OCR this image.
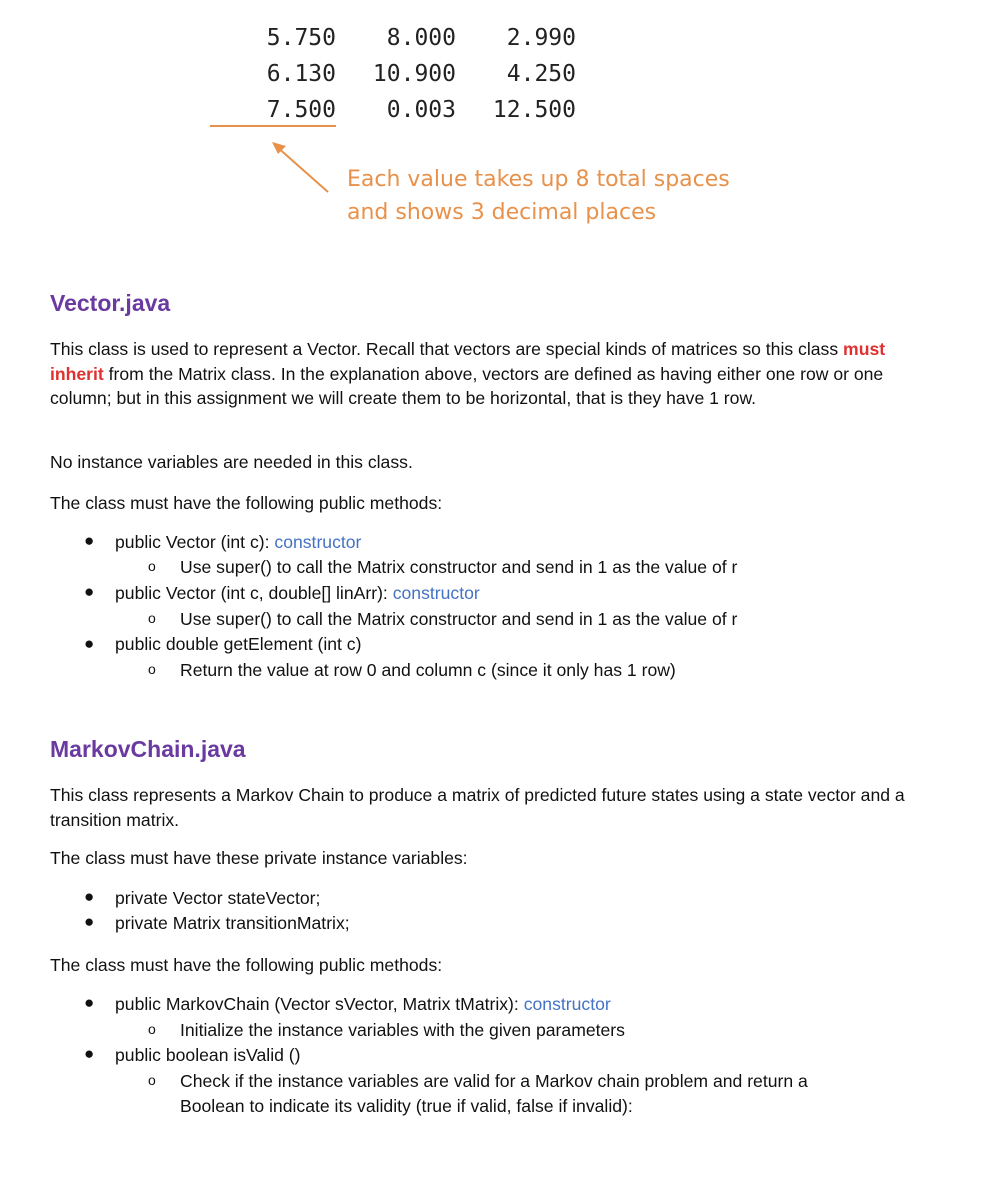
5.750	8.000	2.990
6.130	10.900	4.250
7.500	0.003	12.500
Each value takes up 8 total spaces
and shows 3 decimal places
Vector.java

This class is used to represent a Vector. Recall that vectors are special kinds of matrices so this class must inherit from the Matrix class. In the explanation above, vectors are defined as having either one row or one column; but in this assignment we will create them to be horizontal, that is they have 1 row.

No instance variables are needed in this class.

The class must have the following public methods:

● public Vector (int c): constructor
o Use super() to call the Matrix constructor and send in 1 as the value of r
● public Vector (int c, double[] linArr): constructor
o Use super() to call the Matrix constructor and send in 1 as the value of r
● public double getElement (int c)
o Return the value at row 0 and column c (since it only has 1 row)
MarkovChain.java

This class represents a Markov Chain to produce a matrix of predicted future states using a state vector and a transition matrix.

The class must have these private instance variables:

● private Vector stateVector;
● private Matrix transitionMatrix;

The class must have the following public methods:

● public MarkovChain (Vector sVector, Matrix tMatrix): constructor
o Initialize the instance variables with the given parameters
● public boolean isValid ()
o Check if the instance variables are valid for a Markov chain problem and return a
Boolean to indicate its validity (true if valid, false if invalid):
